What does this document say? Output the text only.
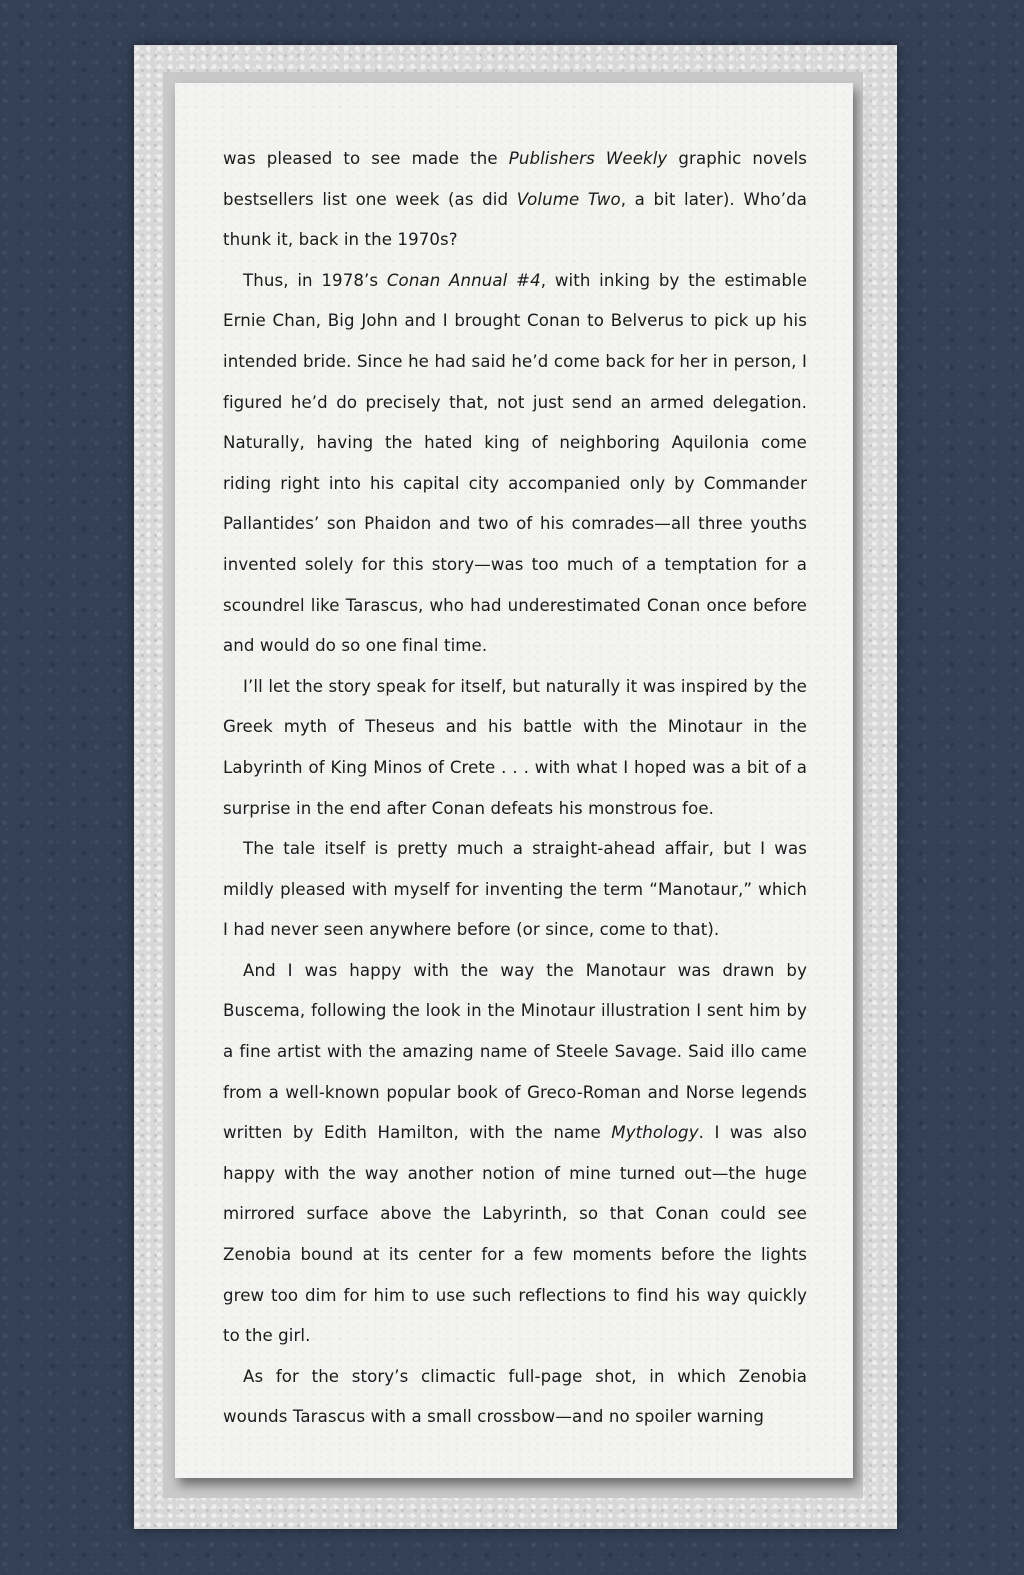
was pleased to see made the Publishers Weekly graphic novels bestsellers list one week (as did Volume Two, a bit later). Who’da thunk it, back in the 1970s?

Thus, in 1978’s Conan Annual #4, with inking by the estimable Ernie Chan, Big John and I brought Conan to Belverus to pick up his intended bride. Since he had said he’d come back for her in person, I figured he’d do precisely that, not just send an armed delegation. Naturally, having the hated king of neighboring Aquilonia come riding right into his capital city accompanied only by Commander Pallantides’ son Phaidon and two of his comrades—all three youths invented solely for this story—was too much of a temptation for a scoundrel like Tarascus, who had underestimated Conan once before and would do so one final time.

I’ll let the story speak for itself, but naturally it was inspired by the Greek myth of Theseus and his battle with the Minotaur in the Labyrinth of King Minos of Crete . . . with what I hoped was a bit of a surprise in the end after Conan defeats his monstrous foe.

The tale itself is pretty much a straight-ahead affair, but I was mildly pleased with myself for inventing the term “Manotaur,” which I had never seen anywhere before (or since, come to that).

And I was happy with the way the Manotaur was drawn by Buscema, following the look in the Minotaur illustration I sent him by a fine artist with the amazing name of Steele Savage. Said illo came from a well-known popular book of Greco-Roman and Norse legends written by Edith Hamilton, with the name Mythology. I was also happy with the way another notion of mine turned out—the huge mirrored surface above the Labyrinth, so that Conan could see Zenobia bound at its center for a few moments before the lights grew too dim for him to use such reflections to find his way quickly to the girl.

As for the story’s climactic full-page shot, in which Zenobia wounds Tarascus with a small crossbow—and no spoiler warning
